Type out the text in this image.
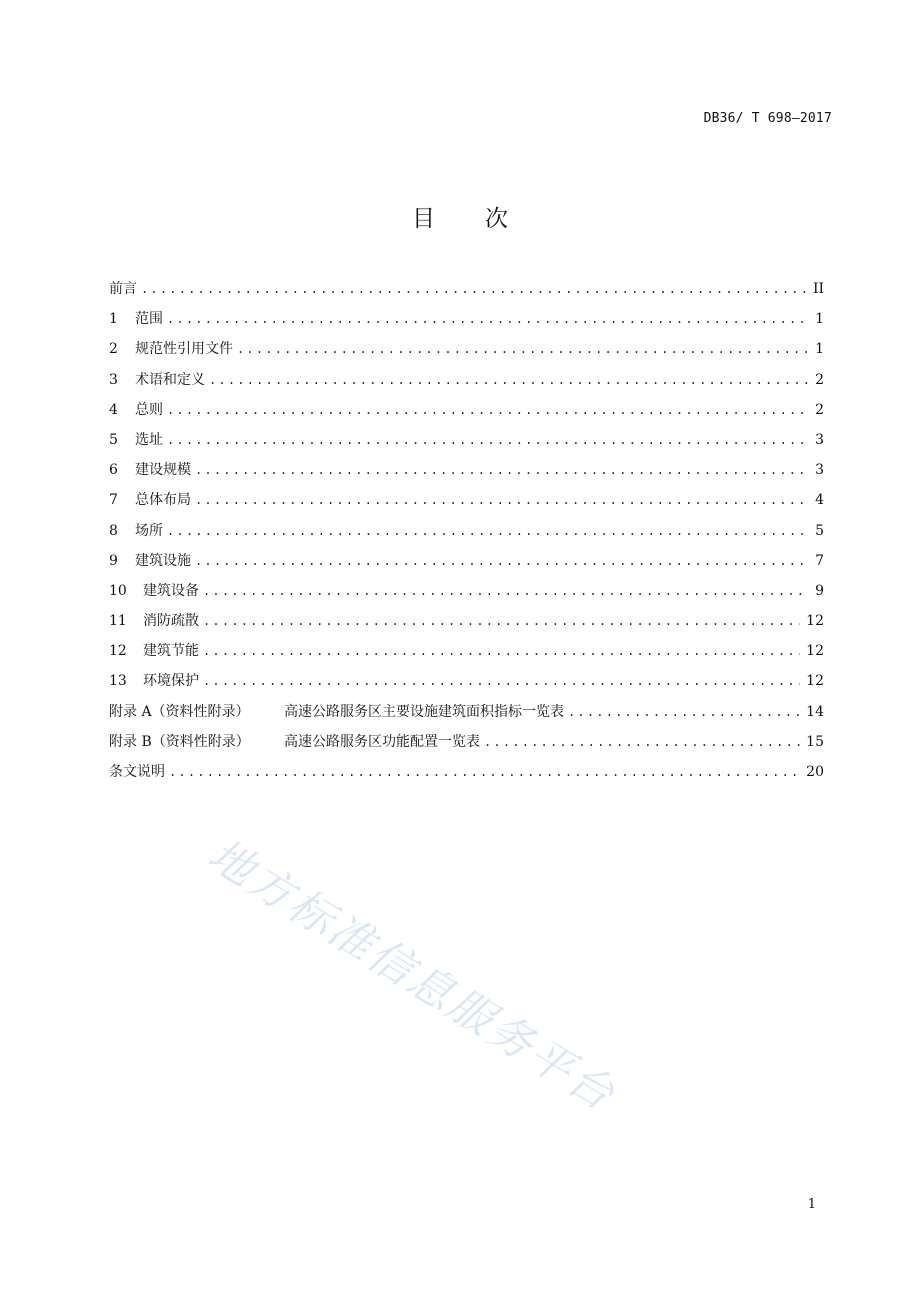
DB36/ T 698—2017
目 次
前言 .....	II
1	范围 .....	1
2	规范性引用文件 .....	1
3	术语和定义 .....	2
4	总则 .....	2
5	选址 .....	3
6	建设规模 .....	3
7	总体布局 .....	4
8	场所 .....	5
9	建筑设施 .....	7
10	建筑设备 .....	9
11	消防疏散 .....	12
12	建筑节能 .....	12
13	环境保护 .....	12
附录 A（资料性附录）	高速公路服务区主要设施建筑面积指标一览表 .....	14
附录 B（资料性附录）	高速公路服务区功能配置一览表 .....	15
条文说明 .....	20
地方标准信息服务平台
1
